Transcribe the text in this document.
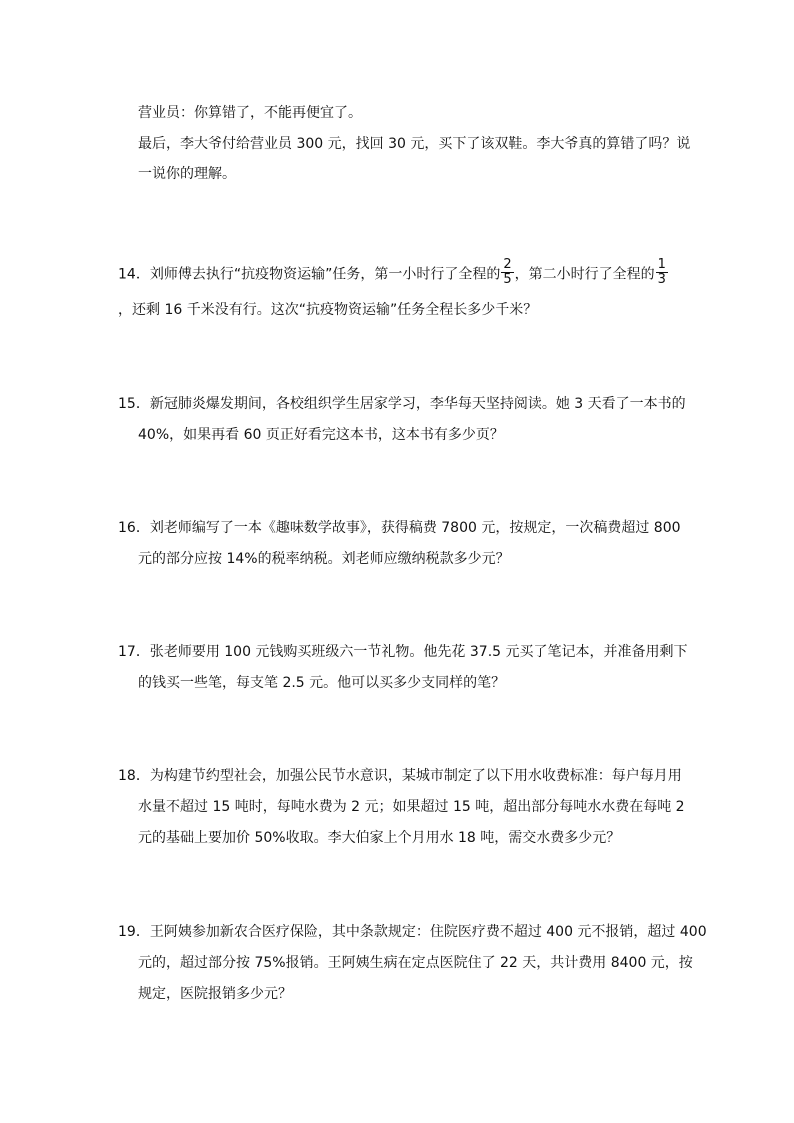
营业员：你算错了，不能再便宜了。
最后，李大爷付给营业员 300 元，找回 30 元，买下了该双鞋。李大爷真的算错了吗？说
一说你的理解。
14．刘师傅去执行“抗疫物资运输”任务，第一小时行了全程的 $\frac{2}{5}$ ，第二小时行了全程的 $\frac{1}{3}$
，还剩 16 千米没有行。这次“抗疫物资运输”任务全程长多少千米？
15．新冠肺炎爆发期间，各校组织学生居家学习，李华每天坚持阅读。她 3 天看了一本书的
40%，如果再看 60 页正好看完这本书，这本书有多少页？
16．刘老师编写了一本《趣味数学故事》，获得稿费 7800 元，按规定，一次稿费超过 800
元的部分应按 14%的税率纳税。刘老师应缴纳税款多少元？
17．张老师要用 100 元钱购买班级六一节礼物。他先花 37.5 元买了笔记本，并准备用剩下
的钱买一些笔，每支笔 2.5 元。他可以买多少支同样的笔？
18．为构建节约型社会，加强公民节水意识，某城市制定了以下用水收费标准：每户每月用
水量不超过 15 吨时，每吨水费为 2 元；如果超过 15 吨，超出部分每吨水水费在每吨 2
元的基础上要加价 50%收取。李大伯家上个月用水 18 吨，需交水费多少元？
19．王阿姨参加新农合医疗保险，其中条款规定：住院医疗费不超过 400 元不报销，超过 400
元的，超过部分按 75%报销。王阿姨生病在定点医院住了 22 天，共计费用 8400 元，按
规定，医院报销多少元？
